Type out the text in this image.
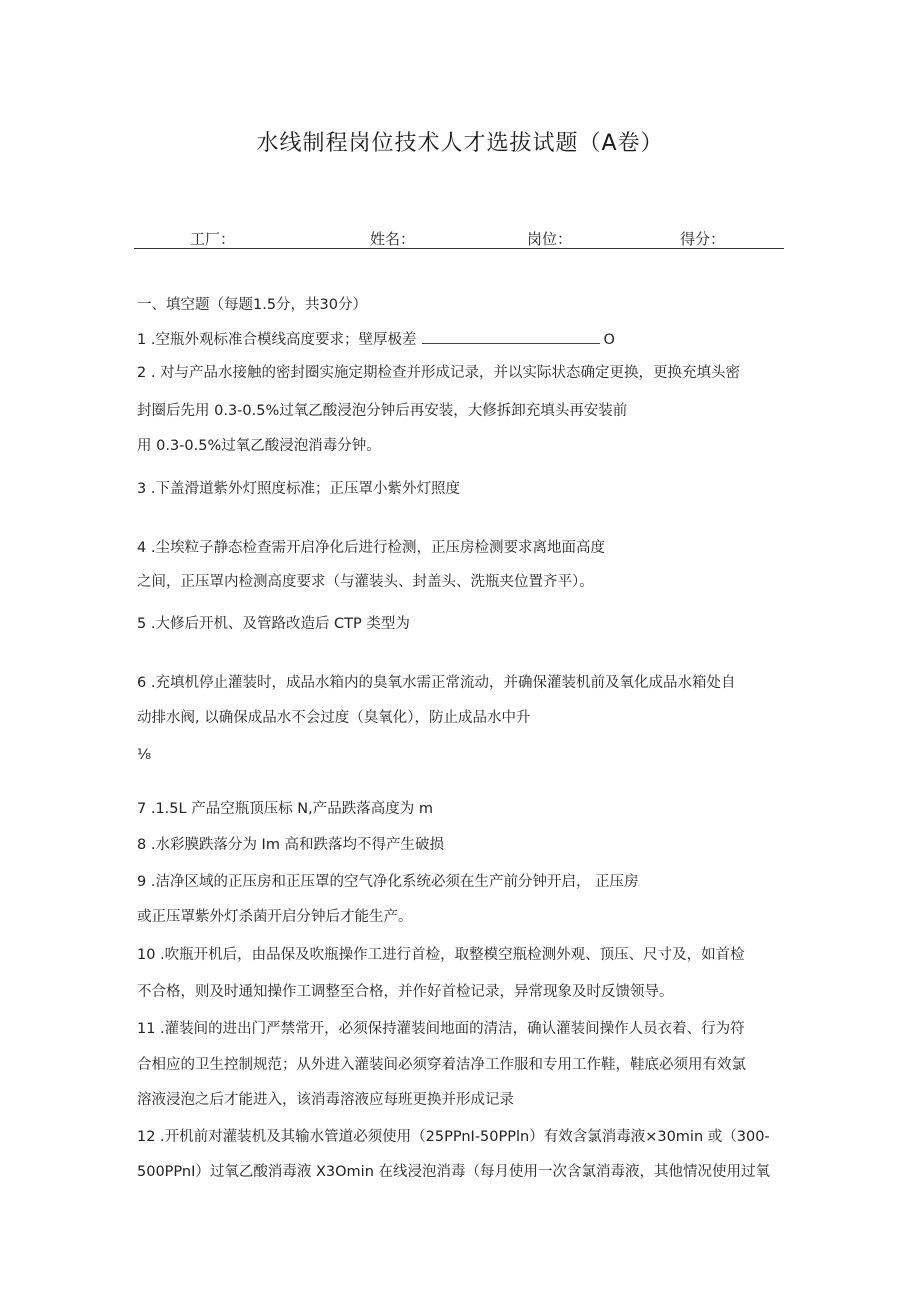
水线制程岗位技术人才选拔试题（A卷）
工厂：	姓名：	岗位：	得分：
一、填空题（每题1.5分，共30分）
1 .空瓶外观标准合模线高度要求；壁厚极差	O
2 . 对与产品水接触的密封圈实施定期检查并形成记录，并以实际状态确定更换，更换充填头密
封圈后先用 0.3-0.5%过氧乙酸浸泡分钟后再安装，大修拆卸充填头再安装前
用 0.3-0.5%过氧乙酸浸泡消毒分钟。
3 .下盖滑道紫外灯照度标准；正压罩小紫外灯照度
4 .尘埃粒子静态检查需开启净化后进行检测，正压房检测要求离地面高度
之间，正压罩内检测高度要求（与灌装头、封盖头、洗瓶夹位置齐平）。
5 .大修后开机、及管路改造后 CTP 类型为
6 .充填机停止灌装时，成品水箱内的臭氧水需正常流动，并确保灌装机前及氧化成品水箱处自
动排水阀, 以确保成品水不会过度（臭氧化），防止成品水中升
⅛
7 .1.5L 产品空瓶顶压标 N,产品跌落高度为 m
8 .水彩膜跌落分为 Im 高和跌落均不得产生破损
9 .洁净区域的正压房和正压罩的空气净化系统必须在生产前分钟开启， 正压房
或正压罩紫外灯杀菌开启分钟后才能生产。
10 .吹瓶开机后，由品保及吹瓶操作工进行首检，取整模空瓶检测外观、顶压、尺寸及，如首检
不合格，则及时通知操作工调整至合格，并作好首检记录，异常现象及时反馈领导。
11 .灌装间的进出门严禁常开，必须保持灌装间地面的清洁，确认灌装间操作人员衣着、行为符
合相应的卫生控制规范；从外进入灌装间必须穿着洁净工作服和专用工作鞋，鞋底必须用有效氯
溶液浸泡之后才能进入，该消毒溶液应每班更换并形成记录
12 .开机前对灌装机及其输水管道必须使用（25PPnI-50PPln）有效含氯消毒液×30min 或（300-
500PPnI）过氧乙酸消毒液 X3Omin 在线浸泡消毒（每月使用一次含氯消毒液，其他情况使用过氧
